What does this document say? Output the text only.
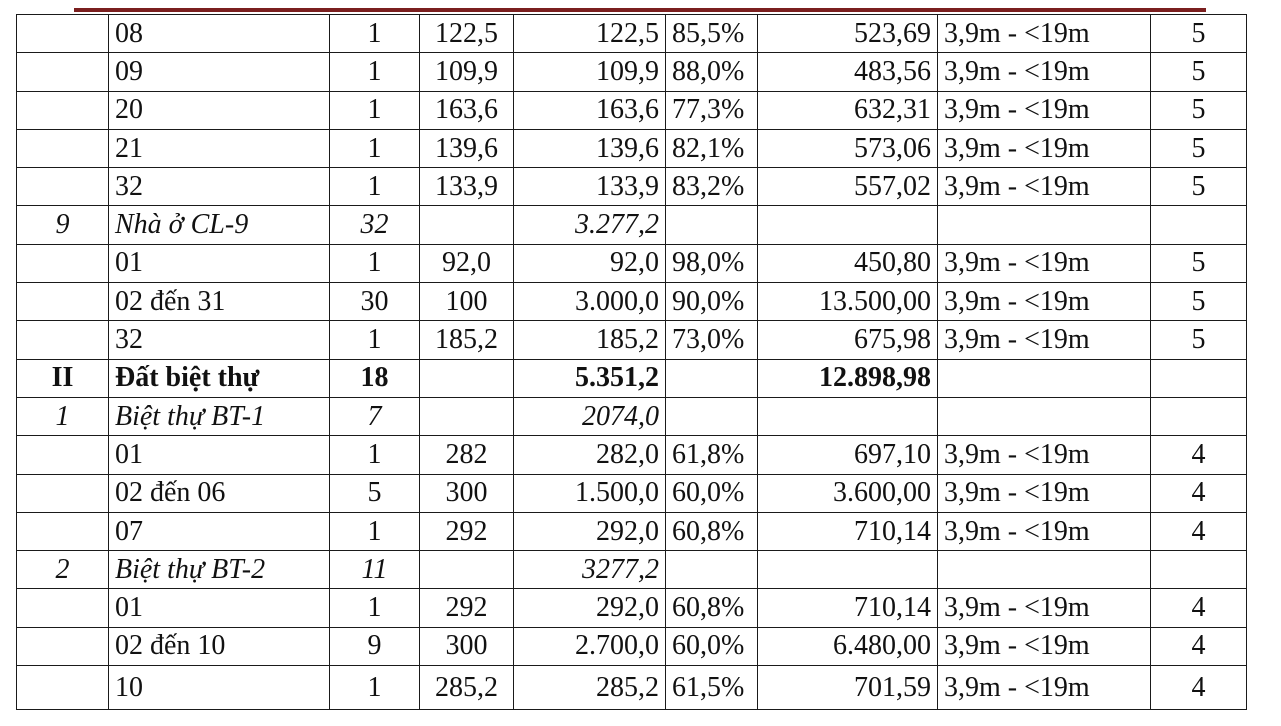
	08	1	122,5	122,5	85,5%	523,69	3,9m - <19m	5
	09	1	109,9	109,9	88,0%	483,56	3,9m - <19m	5
	20	1	163,6	163,6	77,3%	632,31	3,9m - <19m	5
	21	1	139,6	139,6	82,1%	573,06	3,9m - <19m	5
	32	1	133,9	133,9	83,2%	557,02	3,9m - <19m	5
9	Nhà ở CL-9	32		3.277,2				
	01	1	92,0	92,0	98,0%	450,80	3,9m - <19m	5
	02 đến 31	30	100	3.000,0	90,0%	13.500,00	3,9m - <19m	5
	32	1	185,2	185,2	73,0%	675,98	3,9m - <19m	5
II	Đất biệt thự	18		5.351,2		12.898,98		
1	Biệt thự BT-1	7		2074,0				
	01	1	282	282,0	61,8%	697,10	3,9m - <19m	4
	02 đến 06	5	300	1.500,0	60,0%	3.600,00	3,9m - <19m	4
	07	1	292	292,0	60,8%	710,14	3,9m - <19m	4
2	Biệt thự BT-2	11		3277,2				
	01	1	292	292,0	60,8%	710,14	3,9m - <19m	4
	02 đến 10	9	300	2.700,0	60,0%	6.480,00	3,9m - <19m	4
	10	1	285,2	285,2	61,5%	701,59	3,9m - <19m	4
